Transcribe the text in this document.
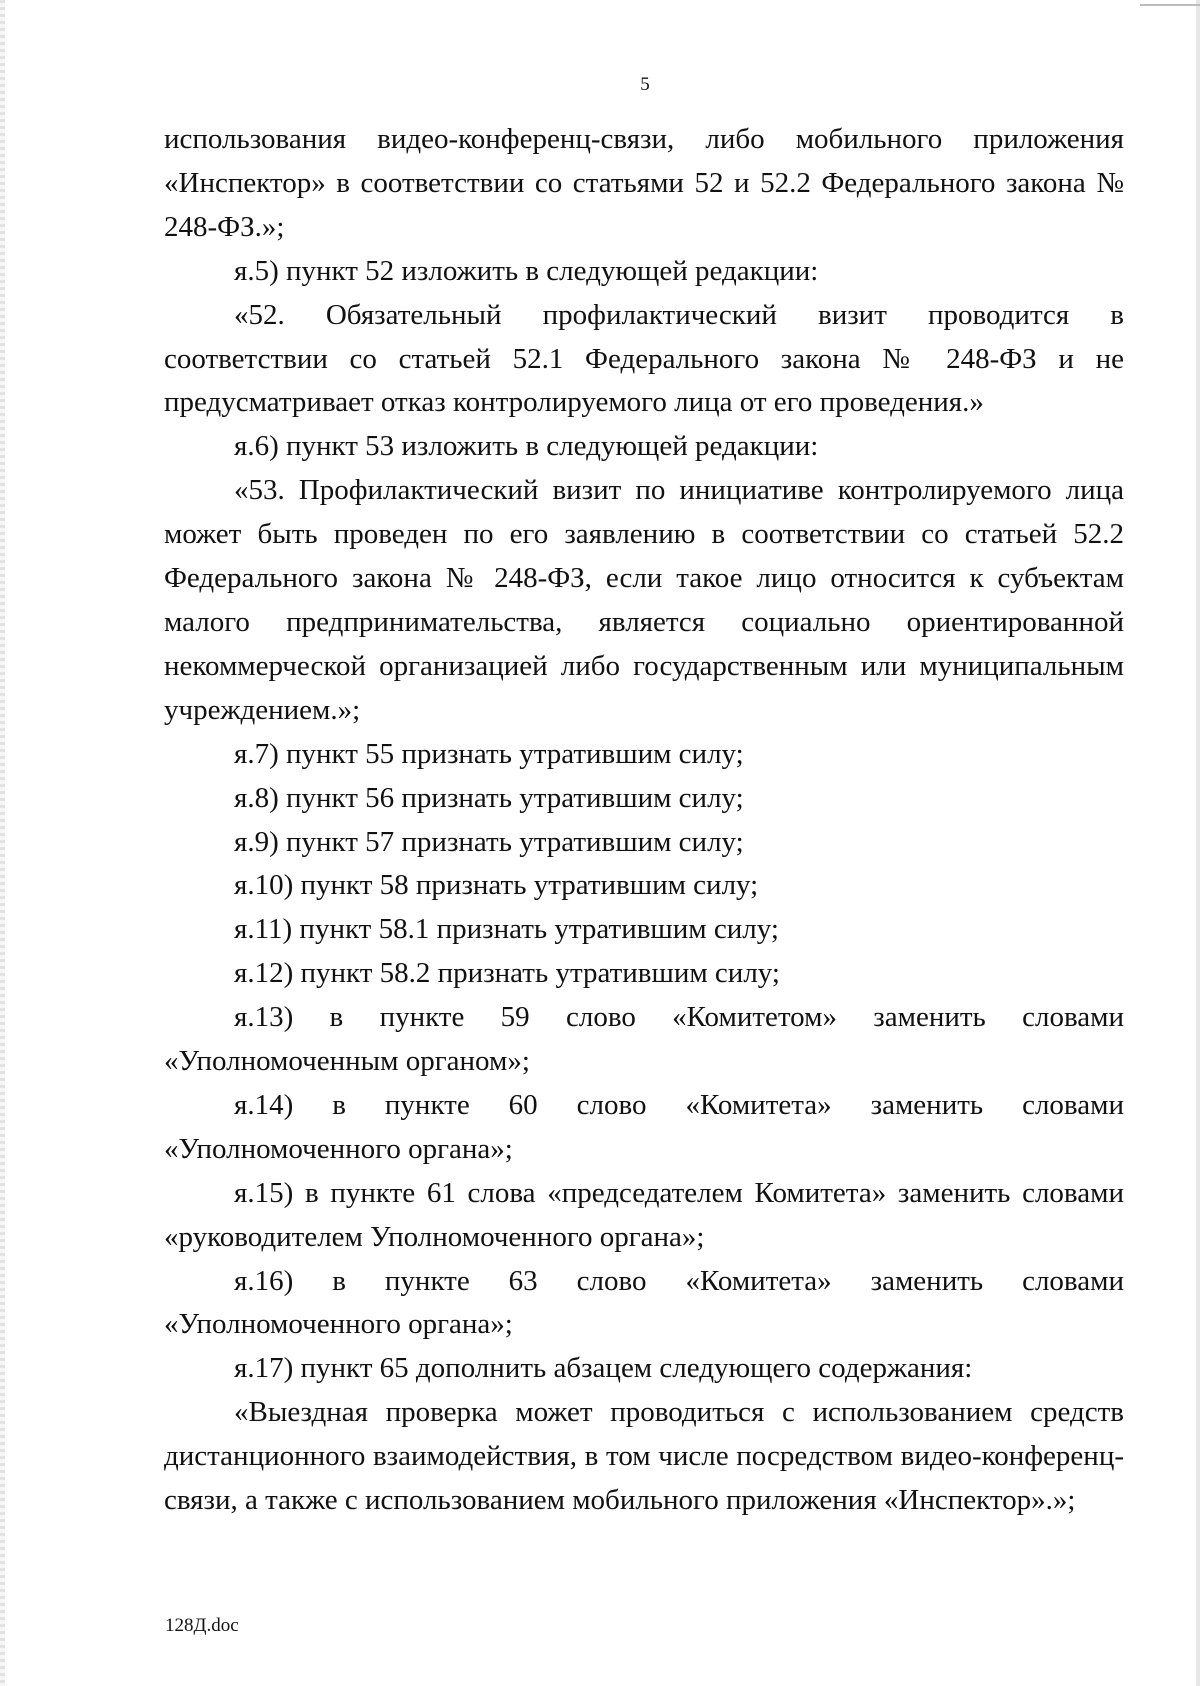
5

использования видео-конференц-связи, либо мобильного приложения «Инспектор» в соответствии со статьями 52 и 52.2 Федерального закона № 248-ФЗ.»;

я.5) пункт 52 изложить в следующей редакции:

«52. Обязательный профилактический визит проводится в соответствии со статьей 52.1 Федерального закона № 248-ФЗ и не предусматривает отказ контролируемого лица от его проведения.»

я.6) пункт 53 изложить в следующей редакции:

«53. Профилактический визит по инициативе контролируемого лица может быть проведен по его заявлению в соответствии со статьей 52.2 Федерального закона № 248-ФЗ, если такое лицо относится к субъектам малого предпринимательства, является социально ориентированной некоммерческой организацией либо государственным или муниципальным учреждением.»;

я.7) пункт 55 признать утратившим силу;

я.8) пункт 56 признать утратившим силу;

я.9) пункт 57 признать утратившим силу;

я.10) пункт 58 признать утратившим силу;

я.11) пункт 58.1 признать утратившим силу;

я.12) пункт 58.2 признать утратившим силу;

я.13) в пункте 59 слово «Комитетом» заменить словами «Уполномоченным органом»;

я.14) в пункте 60 слово «Комитета» заменить словами «Уполномоченного органа»;

я.15) в пункте 61 слова «председателем Комитета» заменить словами «руководителем Уполномоченного органа»;

я.16) в пункте 63 слово «Комитета» заменить словами «Уполномоченного органа»;

я.17) пункт 65 дополнить абзацем следующего содержания:

«Выездная проверка может проводиться с использованием средств дистанционного взаимодействия, в том числе посредством видео-конференц-связи, а также с использованием мобильного приложения «Инспектор».»;

128Д.doc
